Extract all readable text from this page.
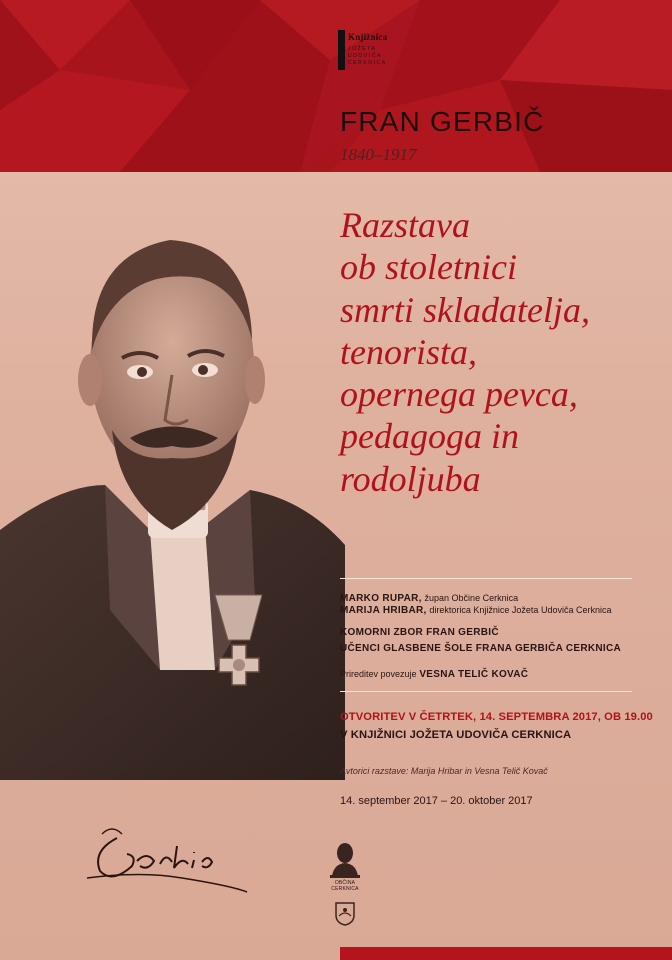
Knjižnica
JOŽETA
UDOVIČA
CERKNICA
FRAN GERBIČ
1840–1917
Razstava
ob stoletnici
smrti skladatelja,
tenorista,
opernega pevca,
pedagoga in
rodoljuba
MARKO RUPAR, župan Občine Cerknica
MARIJA HRIBAR, direktorica Knjižnice Jožeta Udoviča Cerknica
KOMORNI ZBOR FRAN GERBIČ
UČENCI GLASBENE ŠOLE FRANA GERBIČA CERKNICA
Prireditev povezuje VESNA TELIČ KOVAČ
OTVORITEV V ČETRTEK, 14. SEPTEMBRA 2017, OB 19.00
V KNJIŽNICI JOŽETA UDOVIČA CERKNICA
Avtorici razstave: Marija Hribar in Vesna Telič Kovač
14. september 2017 – 20. oktober 2017
OBČINA
CERKNICA
